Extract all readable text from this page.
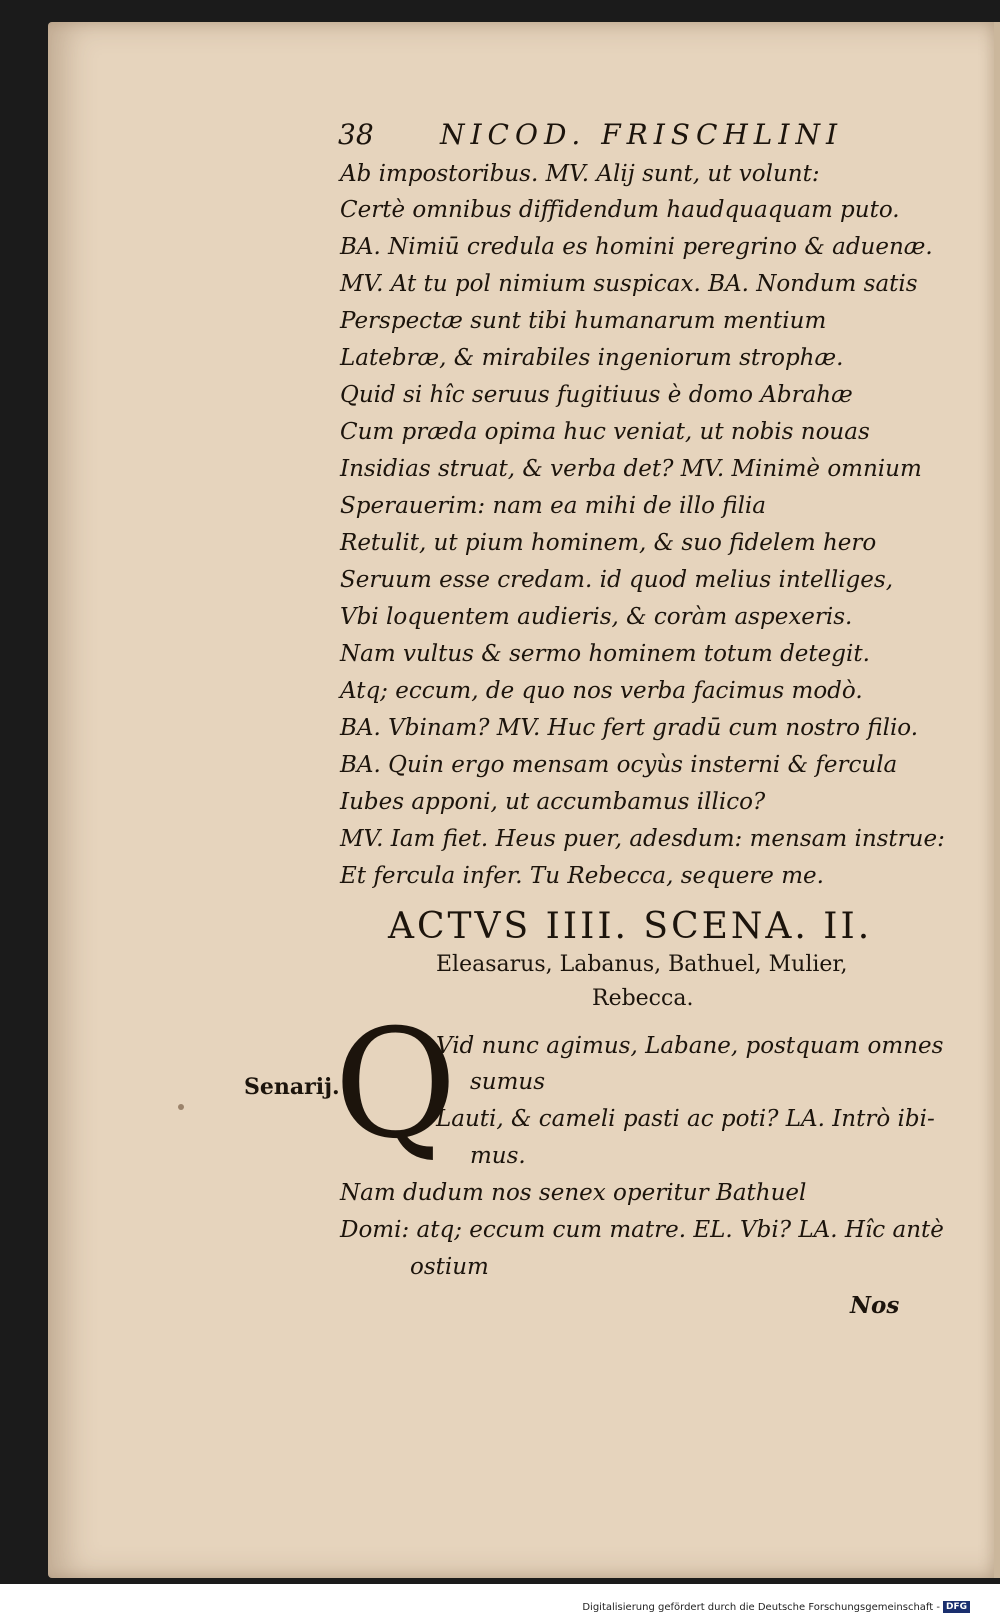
38 NICOD. FRISCHLINI
Ab impostoribus. MV. Alij sunt, ut volunt:
Certè omnibus diffidendum haudquaquam puto.
BA. Nimiū credula es homini peregrino & aduenæ.
MV. At tu pol nimium suspicax. BA. Nondum satis
Perspectæ sunt tibi humanarum mentium
Latebræ, & mirabiles ingeniorum strophæ.
Quid si hîc seruus fugitiuus è domo Abrahæ
Cum præda opima huc veniat, ut nobis nouas
Insidias struat, & verba det? MV. Minimè omnium
Sperauerim: nam ea mihi de illo filia
Retulit, ut pium hominem, & suo fidelem hero
Seruum esse credam. id quod melius intelliges,
Vbi loquentem audieris, & coràm aspexeris.
Nam vultus & sermo hominem totum detegit.
Atq; eccum, de quo nos verba facimus modò.
BA. Vbinam? MV. Huc fert gradū cum nostro filio.
BA. Quin ergo mensam ocyùs insterni & fercula
Iubes apponi, ut accumbamus illico?
MV. Iam fiet. Heus puer, adesdum: mensam instrue:
Et fercula infer. Tu Rebecca, sequere me.
ACTVS IIII. SCENA. II.
Eleasarus, Labanus, Bathuel, Mulier,
Rebecca.
Q
Senarij.
Vid nunc agimus, Labane, postquam omnes
sumus
Lauti, & cameli pasti ac poti? LA. Intrò ibi-
mus.
Nam dudum nos senex operitur Bathuel
Domi: atq; eccum cum matre. EL. Vbi? LA. Hîc antè
ostium
Nos
Digitalisierung gefördert durch die Deutsche Forschungsgemeinschaft - DFG
